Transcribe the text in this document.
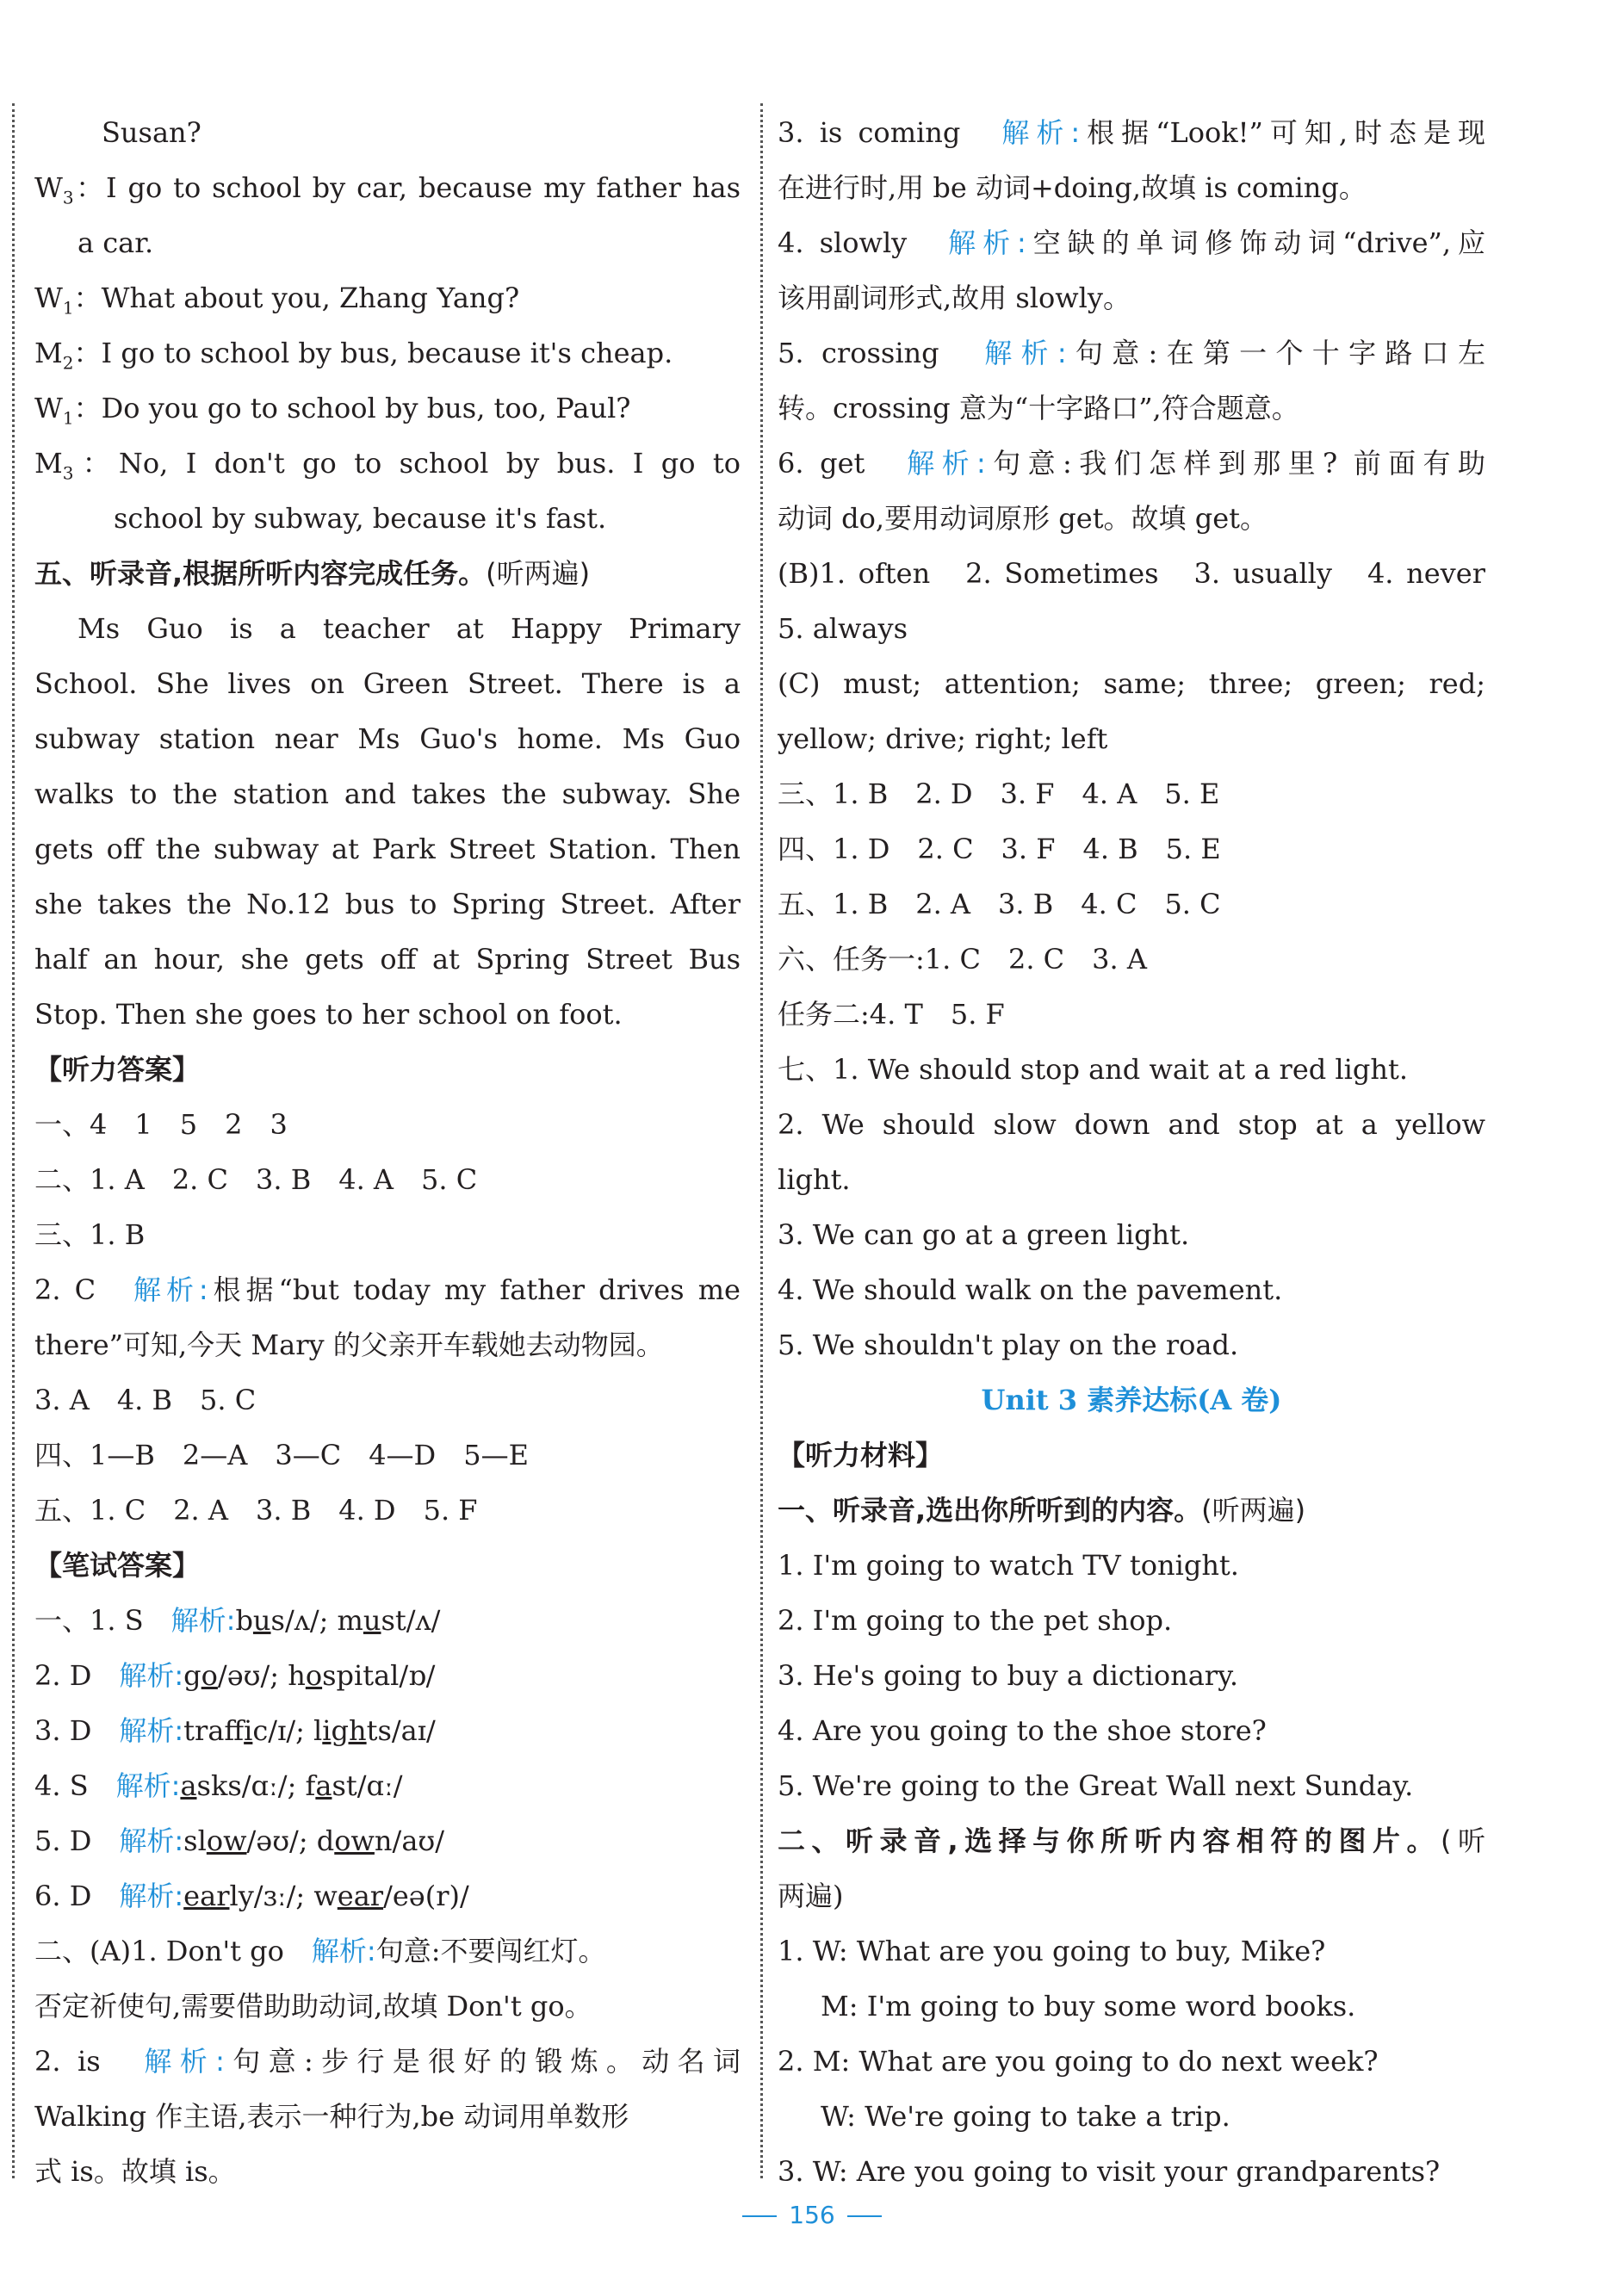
Susan?
$W_3$：I go to school by car, because my father has
a car.
$W_1$：What about you, Zhang Yang?
$M_2$：I go to school by bus, because it's cheap.
$W_1$：Do you go to school by bus, too, Paul?
$M_3$：No, I don't go to school by bus. I go to
school by subway, because it's fast.
五、听录音,根据所听内容完成任务。(听两遍)
Ms Guo is a teacher at Happy Primary
School. She lives on Green Street. There is a
subway station near Ms Guo's home. Ms Guo
walks to the station and takes the subway. She
gets off the subway at Park Street Station. Then
she takes the No.12 bus to Spring Street. After
half an hour, she gets off at Spring Street Bus
Stop. Then she goes to her school on foot.
【听力答案】
一、4　1　5　2　3
二、1. A　2. C　3. B　4. A　5. C
三、1. B
2. C　解析:根据“but today my father drives me
there”可知,今天 Mary 的父亲开车载她去动物园。
3. A　4. B　5. C
四、1—B　2—A　3—C　4—D　5—E
五、1. C　2. A　3. B　4. D　5. F
【笔试答案】
一、1. S　解析:bus/ʌ/; must/ʌ/
2. D　解析:go/əʊ/; hospital/ɒ/
3. D　解析:traffic/ɪ/; lights/aɪ/
4. S　解析:asks/ɑː/; fast/ɑː/
5. D　解析:slow/əʊ/; down/aʊ/
6. D　解析:early/ɜː/; wear/eə(r)/
二、(A)1. Don't go　解析:句意:不要闯红灯。
否定祈使句,需要借助助动词,故填 Don't go。
2. is　解析:句意:步行是很好的锻炼。动名词
Walking 作主语,表示一种行为,be 动词用单数形
式 is。故填 is。
3. is coming　解析:根据“Look!”可知,时态是现
在进行时,用 be 动词+doing,故填 is coming。
4. slowly　解析:空缺的单词修饰动词“drive”,应
该用副词形式,故用 slowly。
5. crossing　解析:句意:在第一个十字路口左
转。crossing 意为“十字路口”,符合题意。
6. get　解析:句意:我们怎样到那里? 前面有助
动词 do,要用动词原形 get。故填 get。
(B)1. often　2. Sometimes　3. usually　4. never
5. always
(C) must; attention; same; three; green; red;
yellow; drive; right; left
三、1. B　2. D　3. F　4. A　5. E
四、1. D　2. C　3. F　4. B　5. E
五、1. B　2. A　3. B　4. C　5. C
六、任务一:1. C　2. C　3. A
任务二:4. T　5. F
七、1. We should stop and wait at a red light.
2. We should slow down and stop at a yellow
light.
3. We can go at a green light.
4. We should walk on the pavement.
5. We shouldn't play on the road.
Unit 3 素养达标(A 卷)
【听力材料】
一、听录音,选出你所听到的内容。(听两遍)
1. I'm going to watch TV tonight.
2. I'm going to the pet shop.
3. He's going to buy a dictionary.
4. Are you going to the shoe store?
5. We're going to the Great Wall next Sunday.
二、听录音,选择与你所听内容相符的图片。(听
两遍)
1. W: What are you going to buy, Mike?
M: I'm going to buy some word books.
2. M: What are you going to do next week?
W: We're going to take a trip.
3. W: Are you going to visit your grandparents?
156
